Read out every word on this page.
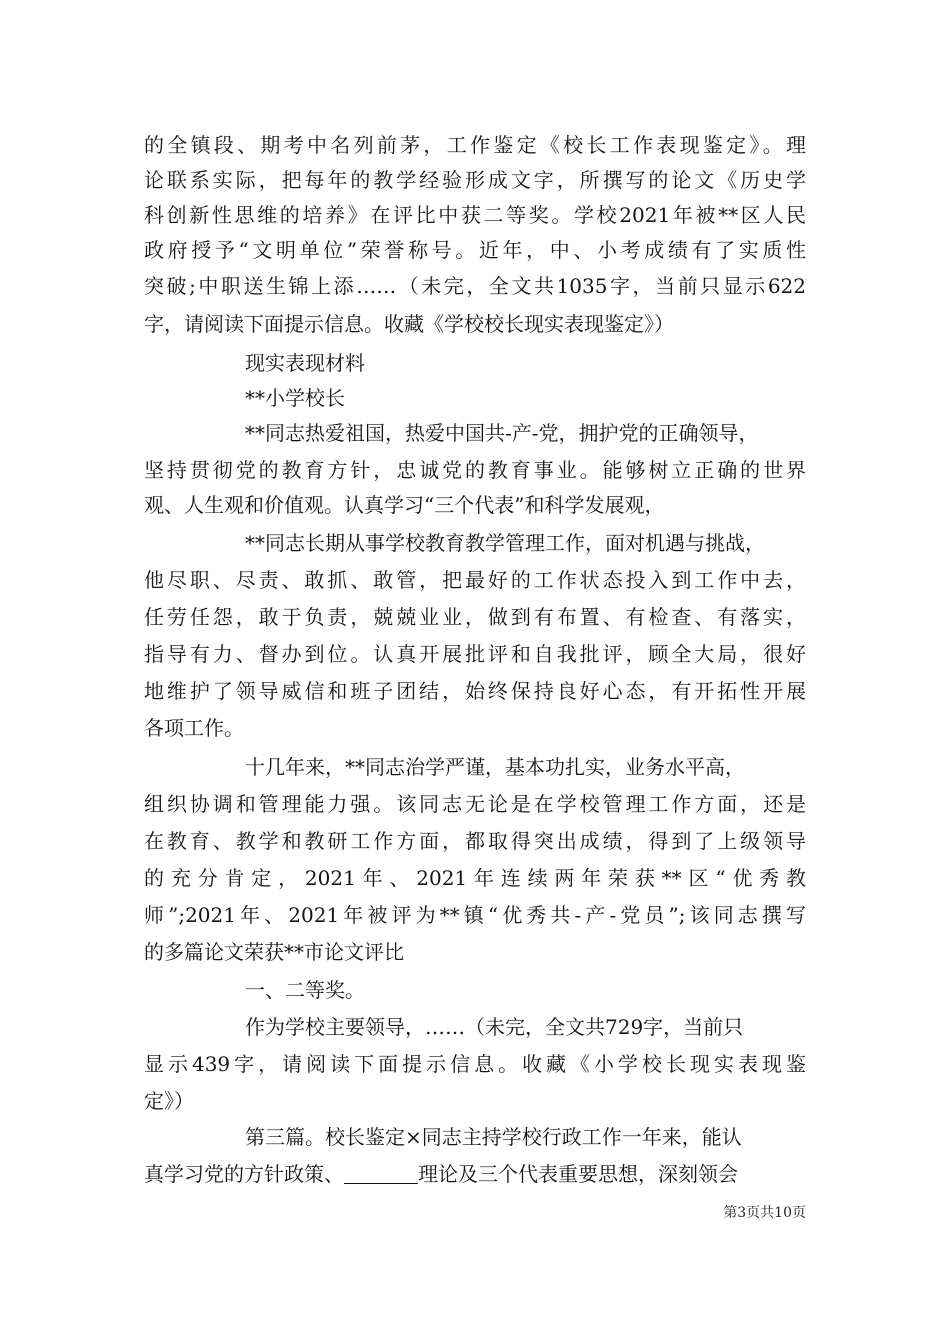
的全镇段、期考中名列前茅，工作鉴定《校长工作表现鉴定》。理
论联系实际，把每年的教学经验形成文字，所撰写的论文《历史学
科创新性思维的培养》在评比中获二等奖。学校2021年被**区人民
政府授予“文明单位”荣誉称号。近年，中、小考成绩有了实质性
突破;中职送生锦上添……（未完，全文共1035字，当前只显示622
字，请阅读下面提示信息。收藏《学校校长现实表现鉴定》）
现实表现材料
**小学校长
**同志热爱祖国，热爱中国共-产-党，拥护党的正确领导，
坚持贯彻党的教育方针，忠诚党的教育事业。能够树立正确的世界
观、人生观和价值观。认真学习“三个代表”和科学发展观，
**同志长期从事学校教育教学管理工作，面对机遇与挑战，
他尽职、尽责、敢抓、敢管，把最好的工作状态投入到工作中去，
任劳任怨，敢于负责，兢兢业业，做到有布置、有检查、有落实，
指导有力、督办到位。认真开展批评和自我批评，顾全大局，很好
地维护了领导威信和班子团结，始终保持良好心态，有开拓性开展
各项工作。
十几年来，**同志治学严谨，基本功扎实，业务水平高，
组织协调和管理能力强。该同志无论是在学校管理工作方面，还是
在教育、教学和教研工作方面，都取得突出成绩，得到了上级领导
的充分肯定，2021年、2021年连续两年荣获**区“优秀教
师”;2021年、2021年被评为**镇“优秀共-产-党员”;该同志撰写
的多篇论文荣获**市论文评比
一、二等奖。
作为学校主要领导，……（未完，全文共729字，当前只
显示439字，请阅读下面提示信息。收藏《小学校长现实表现鉴
定》）
第三篇。校长鉴定×同志主持学校行政工作一年来，能认
真学习党的方针政策、	理论及三个代表重要思想，深刻领会
第3页共10页
